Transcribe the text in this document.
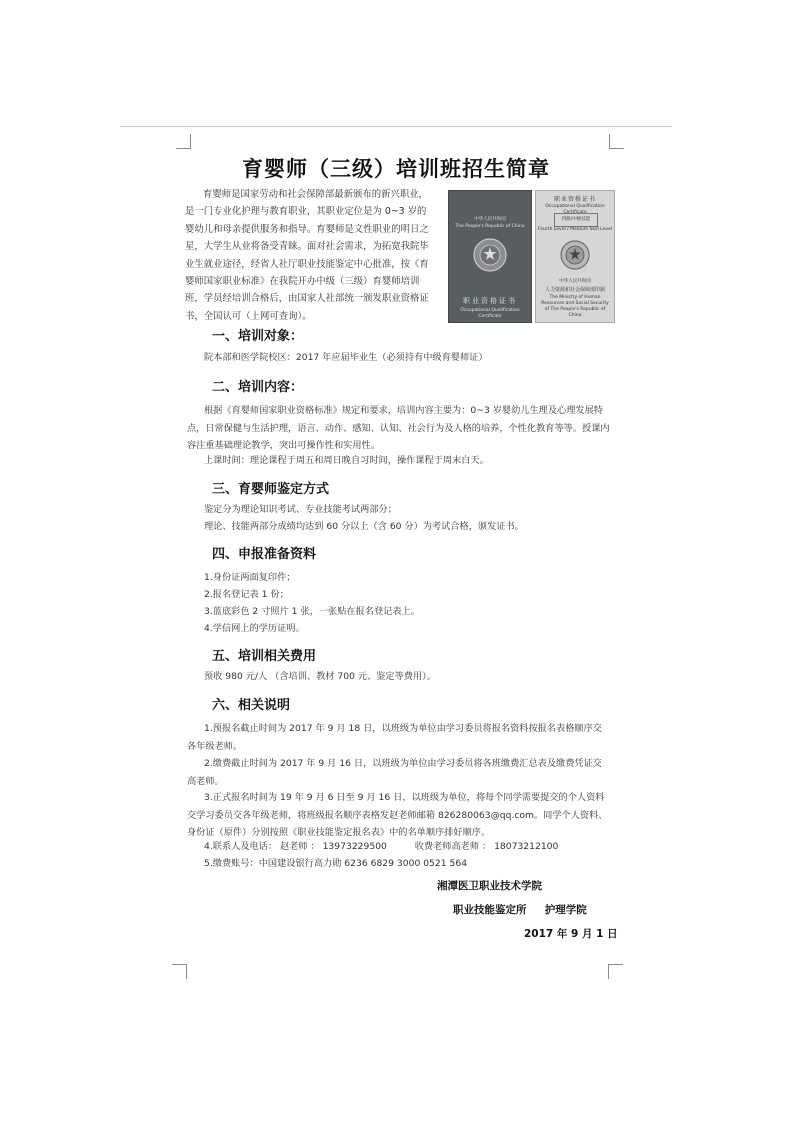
育婴师（三级）培训班招生简章

育婴师是国家劳动和社会保障部最新颁布的新兴职业，是一门专业化护理与教育职业，其职业定位是为 0~3 岁的婴幼儿和母亲提供服务和指导。育婴师是文性职业的明日之星，大学生从业将备受青睐。面对社会需求，为拓宽我院毕业生就业途径，经省人社厅职业技能鉴定中心批准，按《育婴师国家职业标准》在我院开办中级（三级）育婴师培训班，学员经培训合格后，由国家人社部统一颁发职业资格证书，全国认可（上网可查询）。

中华人民共和国
The People's Republic of China
职业资格证书
Occupational Qualification Certificate
职业资格证书
Occupational Qualification Certificate
四级/中级技能
Fourth Level / Medium Skill Level
中华人民共和国
人力资源和社会保障部印制
The Ministry of Human Resources and Social Security of The People's Republic of China
一、培训对象：

院本部和医学院校区：2017 年应届毕业生（必须持有中级育婴师证）

二、培训内容：

根据《育婴师国家职业资格标准》规定和要求，培训内容主要为：0~3 岁婴幼儿生理及心理发展特点，日常保健与生活护理，语言、动作、感知、认知、社会行为及人格的培养，个性化教育等等。授课内容注重基础理论教学，突出可操作性和实用性。

上课时间：理论课程于周五和周日晚自习时间，操作课程于周末白天。

三、育婴师鉴定方式

鉴定分为理论知识考试、专业技能考试两部分；

理论、技能两部分成绩均达到 60 分以上（含 60 分）为考试合格，颁发证书。

四、申报准备资料
1.身份证两面复印件；
2.报名登记表 1 份；
3.蓝底彩色 2 寸照片 1 张，一张贴在报名登记表上。
4.学信网上的学历证明。
五、培训相关费用

预收 980 元/人 （含培训、教材 700 元、鉴定等费用）。

六、相关说明

1.预报名截止时间为 2017 年 9 月 18 日，以班级为单位由学习委员将报名资料按报名表格顺序交各年级老师。

2.缴费截止时间为 2017 年 9 月 16 日，以班级为单位由学习委员将各班缴费汇总表及缴费凭证交高老师。

3.正式报名时间为 19 年 9 月 6 日至 9 月 16 日，以班级为单位，将每个同学需要提交的个人资料交学习委员交各年级老师，将班级报名顺序表格发赵老师邮箱 826280063@qq.com。同学个人资料、身份证（原件）分别按照《职业技能鉴定报名表》中的名单顺序排好顺序。

4.联系人及电话： 赵老师 ： 13973229500	收费老师高老师 ： 18073212100
5.缴费账号：中国建设银行高力勋 6236 6829 3000 0521 564
湘潭医卫职业技术学院
职业技能鉴定所     护理学院
2017 年 9 月 1 日
